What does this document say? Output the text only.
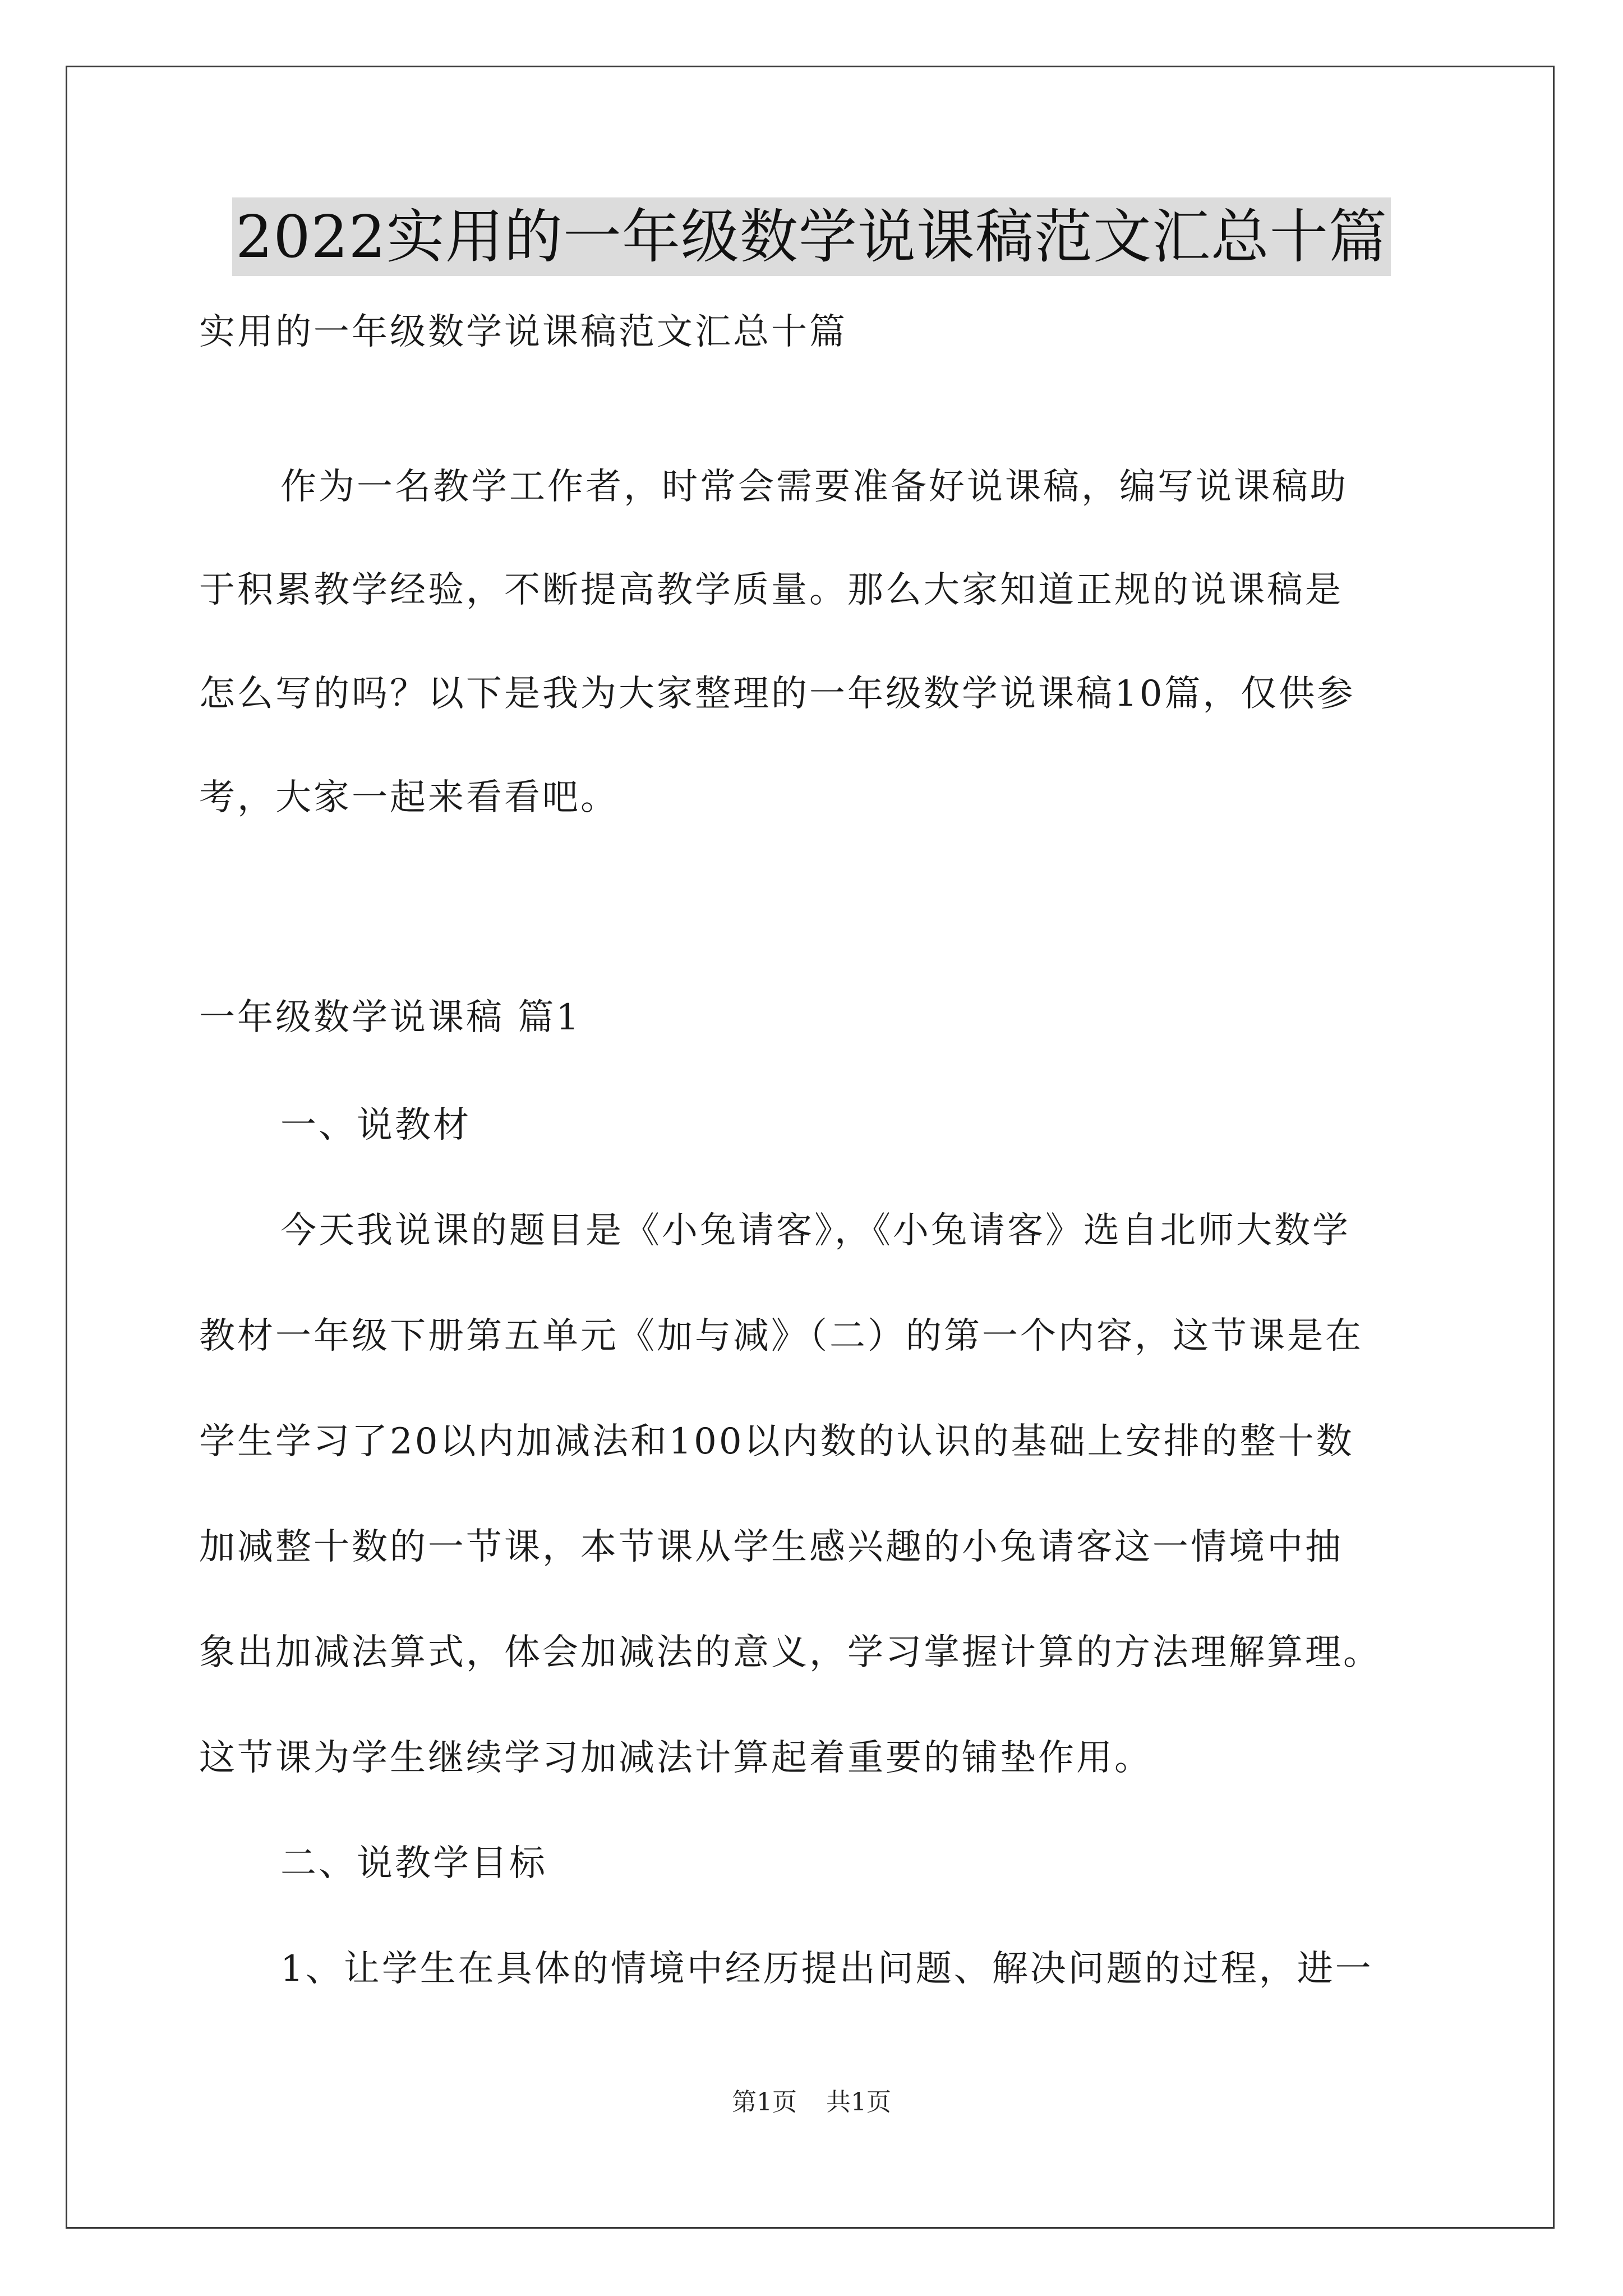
2022实用的一年级数学说课稿范文汇总十篇
实用的一年级数学说课稿范文汇总十篇
作为一名教学工作者，时常会需要准备好说课稿，编写说课稿助
于积累教学经验，不断提高教学质量。那么大家知道正规的说课稿是
怎么写的吗？以下是我为大家整理的一年级数学说课稿10篇，仅供参
考，大家一起来看看吧。
一年级数学说课稿 篇1
一、说教材
今天我说课的题目是《小兔请客》，《小兔请客》选自北师大数学
教材一年级下册第五单元《加与减》（二）的第一个内容，这节课是在
学生学习了20以内加减法和100以内数的认识的基础上安排的整十数
加减整十数的一节课，本节课从学生感兴趣的小兔请客这一情境中抽
象出加减法算式，体会加减法的意义，学习掌握计算的方法理解算理。
这节课为学生继续学习加减法计算起着重要的铺垫作用。
二、说教学目标
1、让学生在具体的情境中经历提出问题、解决问题的过程，进一
第1页 共1页
